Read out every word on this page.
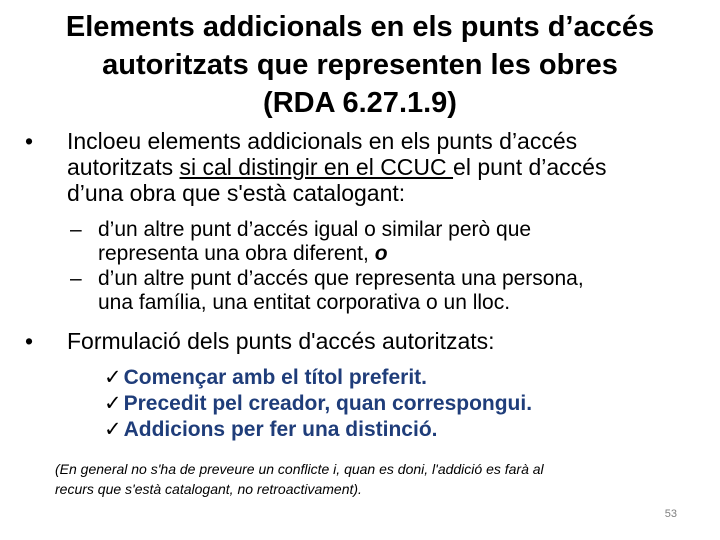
Elements addicionals en els punts d’accés
autoritzats que representen les obres
(RDA 6.27.1.9)
• Incloeu elements addicionals en els punts d’accés
autoritzats si cal distingir en el CCUC el punt d’accés
d’una obra que s'està catalogant:
– d’un altre punt d’accés igual o similar però que
representa una obra diferent, o
– d’un altre punt d’accés que representa una persona,
una família, una entitat corporativa o un lloc.
• Formulació dels punts d'accés autoritzats:
✓Començar amb el títol preferit.
✓Precedit pel creador, quan correspongui.
✓Addicions per fer una distinció.
(En general no s'ha de preveure un conflicte i, quan es doni, l'addició es farà al
recurs que s'està catalogant, no retroactivament).
53
